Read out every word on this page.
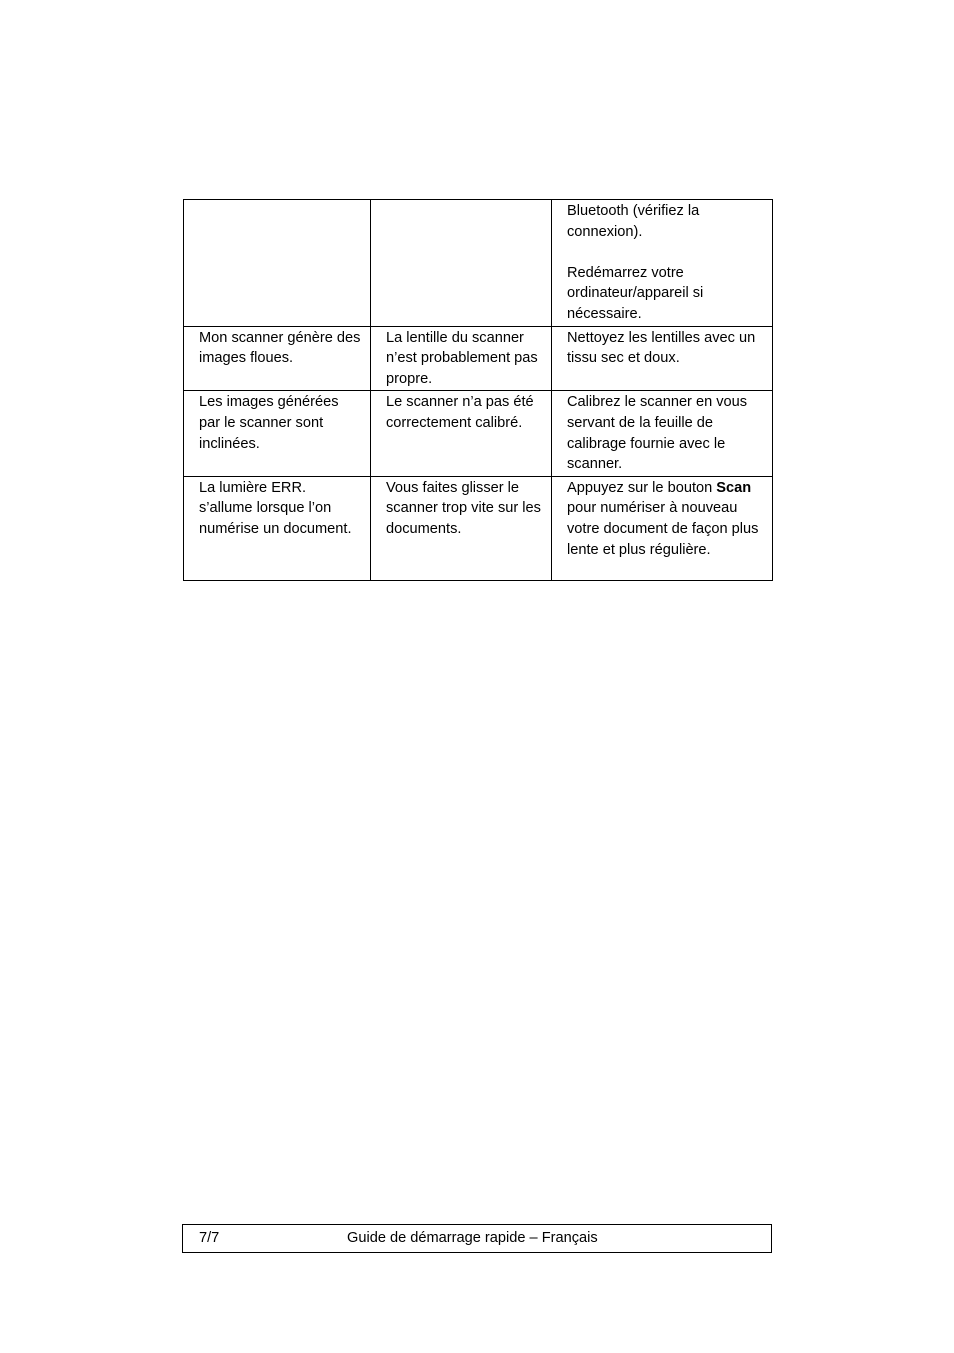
		Bluetooth (vérifiez la connexion).
Redémarrez votre ordinateur/appareil si nécessaire.

Mon scanner génère des images floues.	La lentille du scanner n’est probablement pas propre.	Nettoyez les lentilles avec un tissu sec et doux.
Les images générées par le scanner sont inclinées.	Le scanner n’a pas été correctement calibré.	Calibrez le scanner en vous servant de la feuille de calibrage fournie avec le scanner.
La lumière ERR. s’allume lorsque l’on numérise un document.	Vous faites glisser le scanner trop vite sur les documents.	Appuyez sur le bouton Scan pour numériser à nouveau votre document de façon plus lente et plus régulière.
7/7	Guide de démarrage rapide – Français
